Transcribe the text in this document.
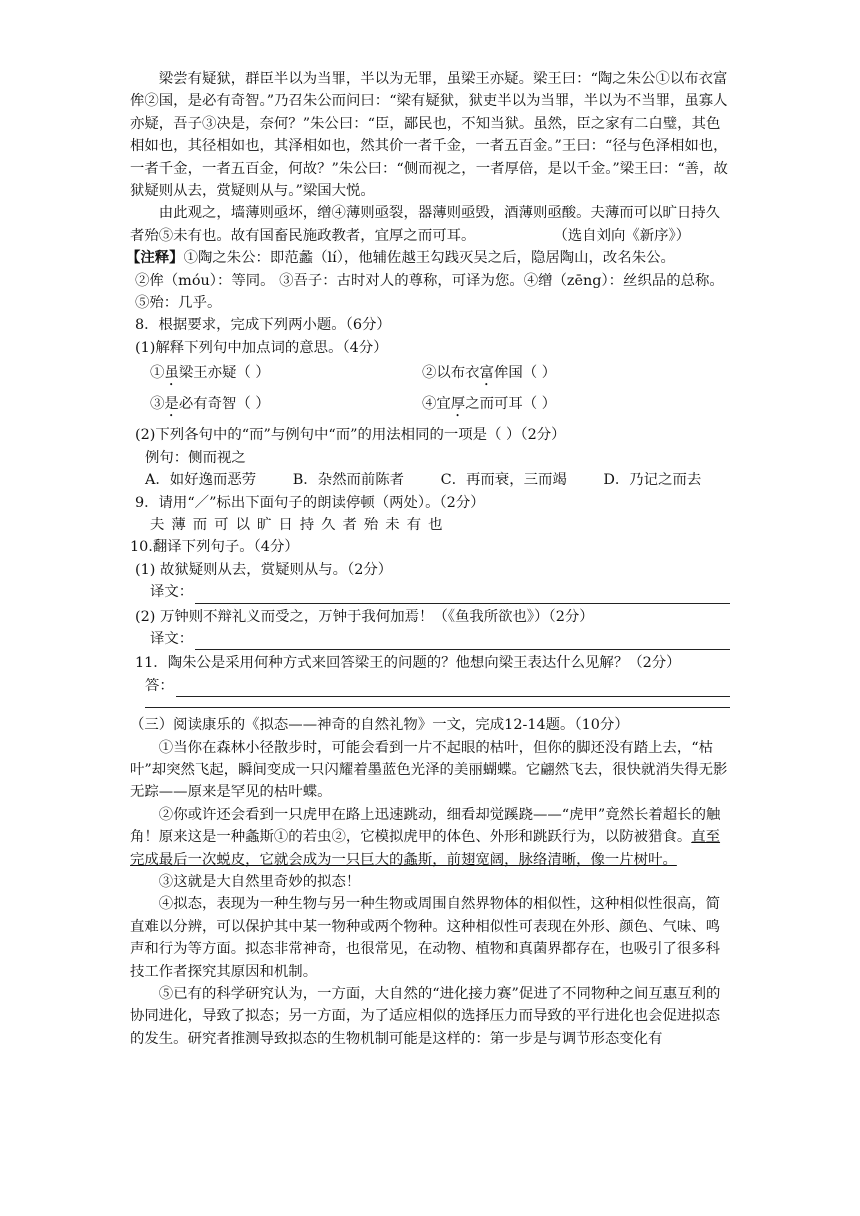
梁尝有疑狱，群臣半以为当罪，半以为无罪，虽梁王亦疑。梁王曰：“陶之朱公①以布衣富侔②国，是必有奇智。”乃召朱公而问曰：“梁有疑狱，狱吏半以为当罪，半以为不当罪，虽寡人亦疑，吾子③决是，奈何？”朱公曰：“臣，鄙民也，不知当狱。虽然，臣之家有二白璧，其色相如也，其径相如也，其泽相如也，然其价一者千金，一者五百金。”王曰：“径与色泽相如也，一者千金，一者五百金，何故？”朱公曰：“侧而视之，一者厚倍，是以千金。”梁王曰：“善，故狱疑则从去，赏疑则从与。”梁国大悦。

由此观之，墙薄则亟坏，缯④薄则亟裂，器薄则亟毁，酒薄则亟酸。夫薄而可以旷日持久者殆⑤未有也。故有国畜民施政教者，宜厚之而可耳。	（选自刘向《新序》）

【注释】①陶之朱公：即范蠡（lí），他辅佐越王勾践灭吴之后，隐居陶山，改名朱公。

②侔（móu）：等同。 ③吾子：古时对人的尊称，可译为您。④缯（zēng）：丝织品的总称。

⑤殆：几乎。

8．根据要求，完成下列两小题。（6分）

(1)解释下列句中加点词的意思。（4分）

①虽梁王亦疑（ ）	②以布衣富侔国（ ）
③是必有奇智（ ）	④宜厚之而可耳（ ）

(2)下列各句中的“而”与例句中“而”的用法相同的一项是（ ）（2分）

例句：侧而视之

A．如好逸而恶劳        B．杂然而前陈者        C．再而衰，三而竭        D．乃记之而去

9．请用“／”标出下面句子的朗读停顿（两处）。（2分）

夫薄而可以旷日持久者殆未有也

10.翻译下列句子。（4分）

(1) 故狱疑则从去，赏疑则从与。（2分）

译文：

(2) 万钟则不辩礼义而受之，万钟于我何加焉！（《鱼我所欲也》）（2分）

译文：

11．陶朱公是采用何种方式来回答梁王的问题的？他想向梁王表达什么见解？（2分）

答：

（三）阅读康乐的《拟态——神奇的自然礼物》一文，完成12-14题。（10分）

①当你在森林小径散步时，可能会看到一片不起眼的枯叶，但你的脚还没有踏上去，“枯叶”却突然飞起，瞬间变成一只闪耀着墨蓝色光泽的美丽蝴蝶。它翩然飞去，很快就消失得无影无踪——原来是罕见的枯叶蝶。

②你或许还会看到一只虎甲在路上迅速跳动，细看却觉蹊跷——“虎甲”竟然长着超长的触角！原来这是一种螽斯①的若虫②，它模拟虎甲的体色、外形和跳跃行为，以防被猎食。直至完成最后一次蜕皮，它就会成为一只巨大的螽斯，前翅宽阔，脉络清晰，像一片树叶。

③这就是大自然里奇妙的拟态！

④拟态，表现为一种生物与另一种生物或周围自然界物体的相似性，这种相似性很高，简直难以分辨，可以保护其中某一物种或两个物种。这种相似性可表现在外形、颜色、气味、鸣声和行为等方面。拟态非常神奇，也很常见，在动物、植物和真菌界都存在，也吸引了很多科技工作者探究其原因和机制。

⑤已有的科学研究认为，一方面，大自然的“进化接力赛”促进了不同物种之间互惠互利的协同进化，导致了拟态；另一方面，为了适应相似的选择压力而导致的平行进化也会促进拟态的发生。研究者推测导致拟态的生物机制可能是这样的：第一步是与调节形态变化有
